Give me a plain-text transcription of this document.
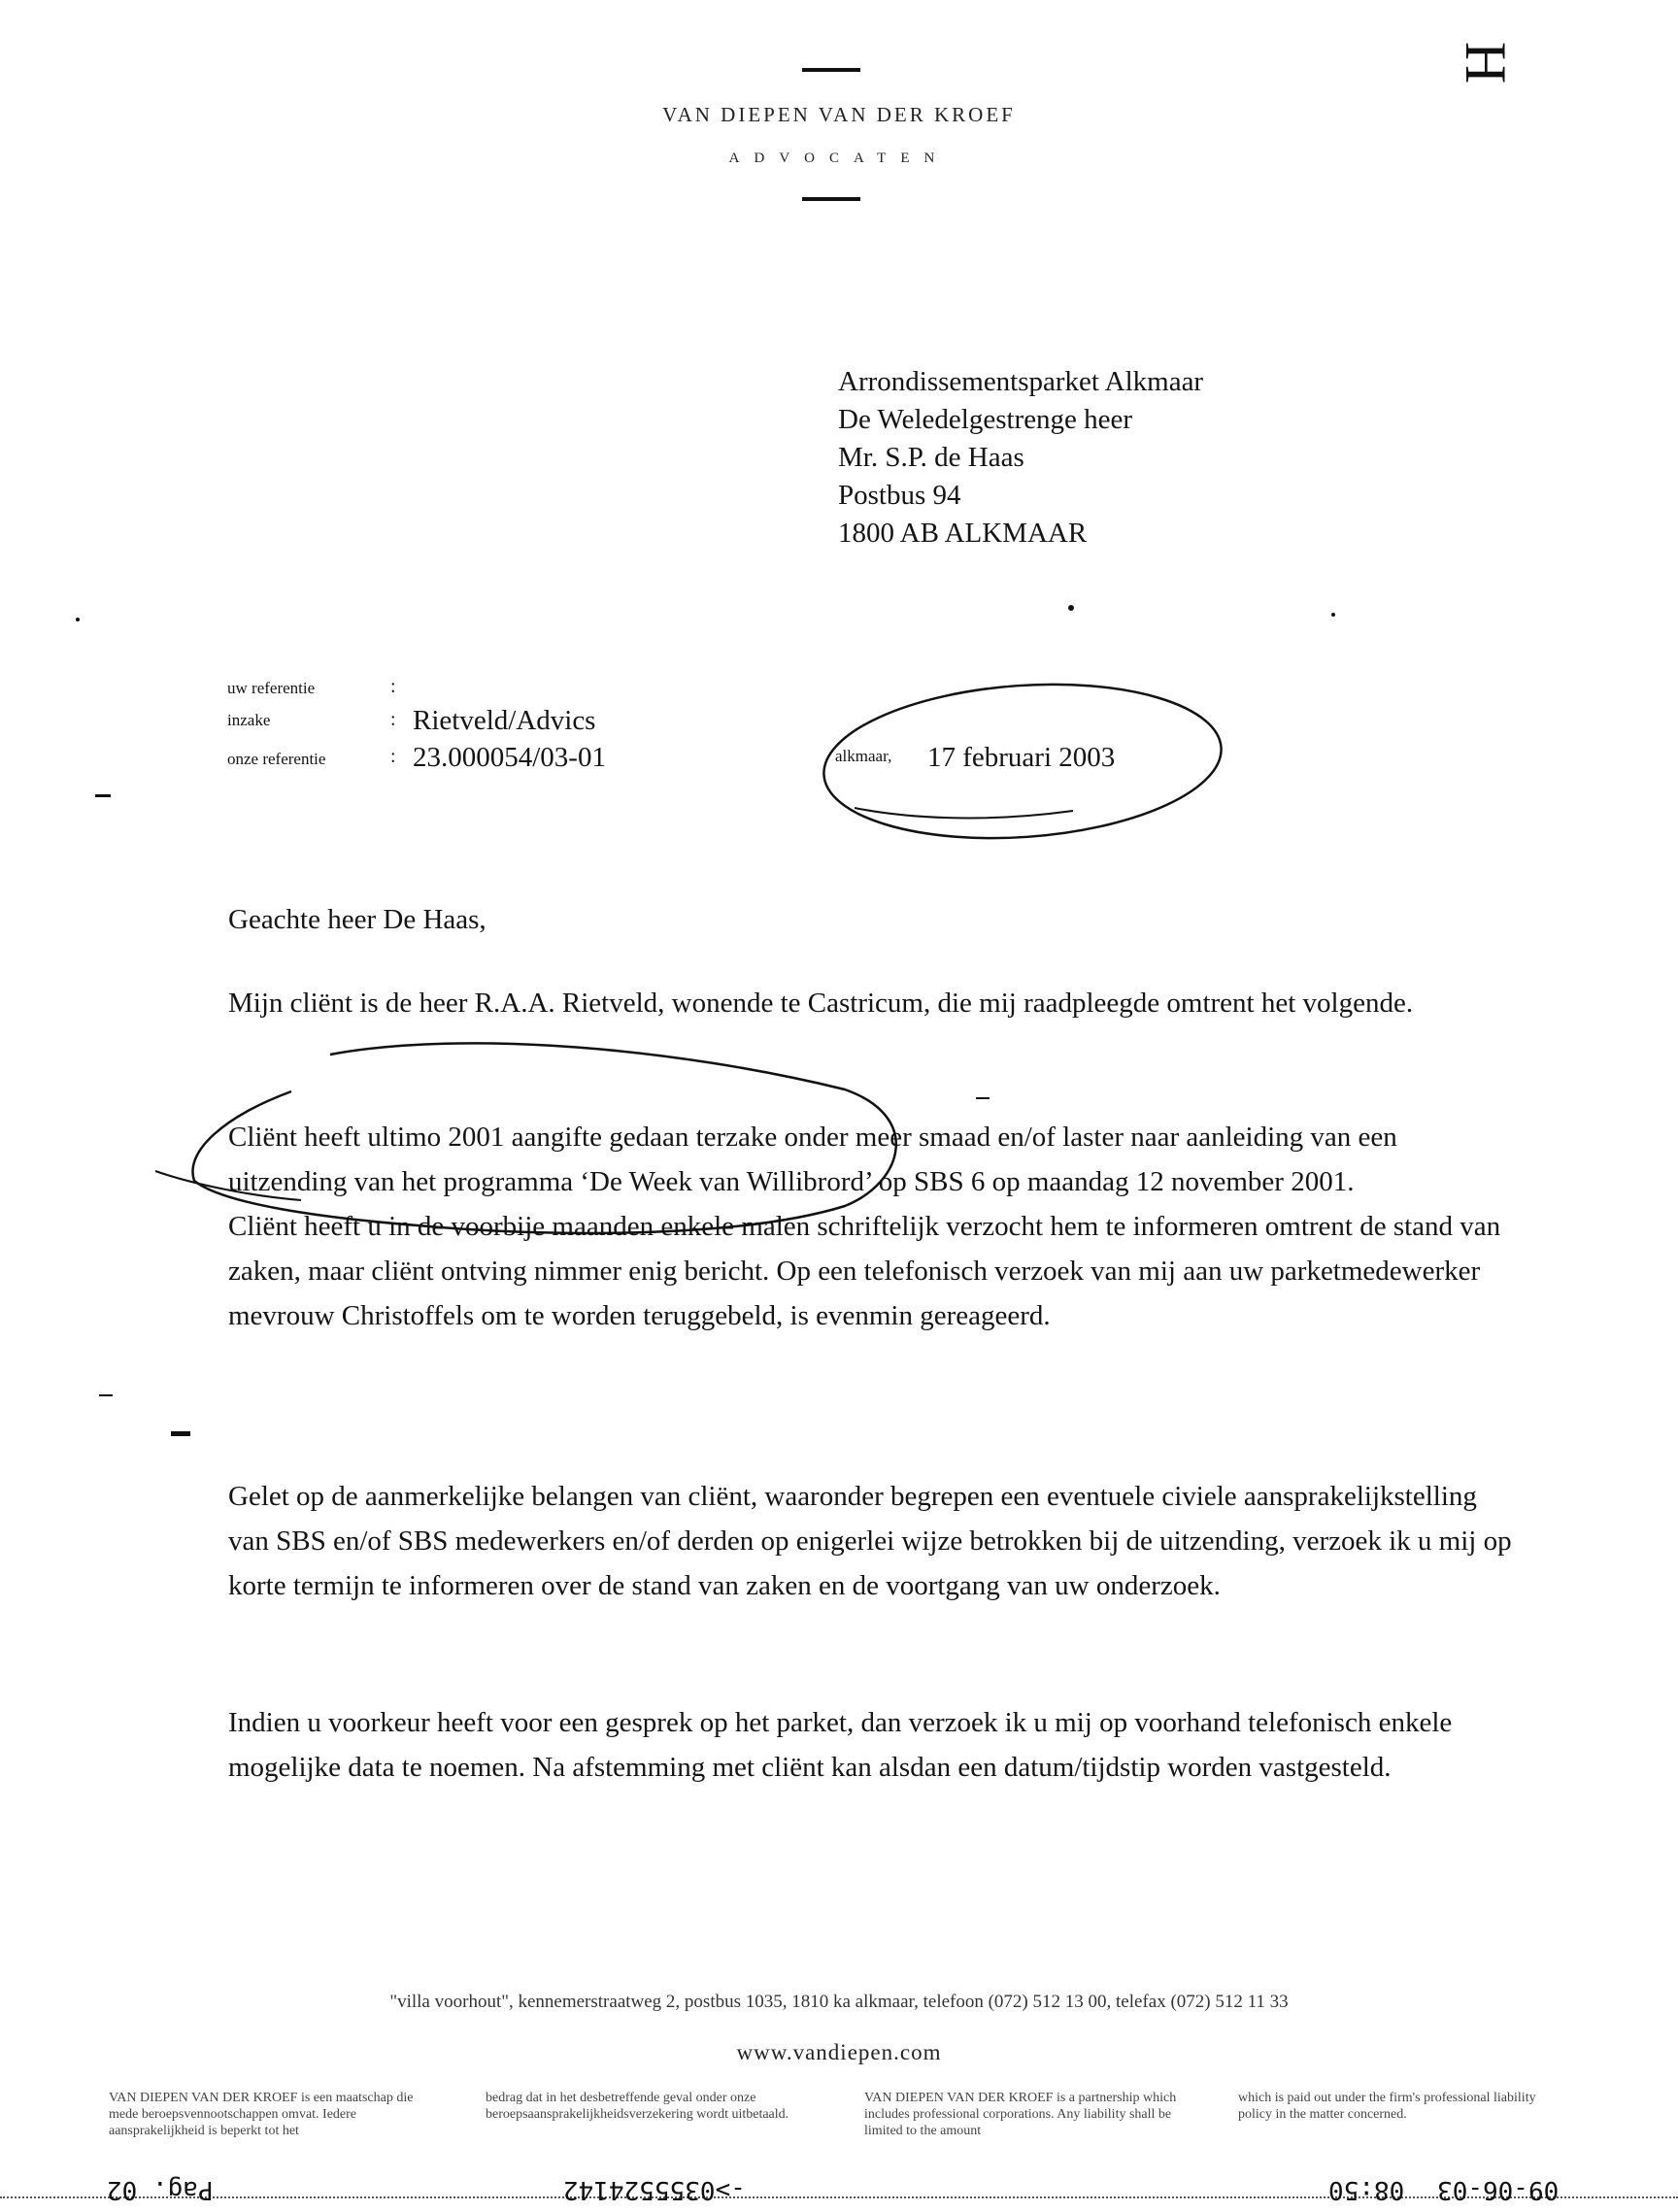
VAN DIEPEN VAN DER KROEF
ADVOCATEN
H
Arrondissementsparket Alkmaar
De Weledelgestrenge heer
Mr. S.P. de Haas
Postbus 94
1800 AB ALKMAAR
uw referentie	:
inzake	: Rietveld/Advics
onze referentie	: 23.000054/03-01	alkmaar, 17 februari 2003
Geachte heer De Haas,
Mijn cliënt is de heer R.A.A. Rietveld, wonende te Castricum, die mij raadpleegde omtrent het volgende.

Cliënt heeft ultimo 2001 aangifte gedaan terzake onder meer smaad en/of laster naar aanleiding van een uitzending van het programma ‘De Week van Willibrord’ op SBS 6 op maandag 12 november 2001.

Cliënt heeft u in de voorbije maanden enkele malen schriftelijk verzocht hem te informeren omtrent de stand van zaken, maar cliënt ontving nimmer enig bericht. Op een telefonisch verzoek van mij aan uw parketmedewerker mevrouw Christoffels om te worden teruggebeld, is evenmin gereageerd.

Gelet op de aanmerkelijke belangen van cliënt, waaronder begrepen een eventuele civiele aansprakelijkstelling van SBS en/of SBS medewerkers en/of derden op enigerlei wijze betrokken bij de uitzending, verzoek ik u mij op korte termijn te informeren over de stand van zaken en de voortgang van uw onderzoek.
Indien u voorkeur heeft voor een gesprek op het parket, dan verzoek ik u mij op voorhand telefonisch enkele mogelijke data te noemen. Na afstemming met cliënt kan alsdan een datum/tijdstip worden vastgesteld.
"villa voorhout", kennemerstraatweg 2, postbus 1035, 1810 ka alkmaar, telefoon (072) 512 13 00, telefax (072) 512 11 33
www.vandiepen.com
VAN DIEPEN VAN DER KROEF is een maatschap die mede beroepsvennootschappen omvat. Iedere aansprakelijkheid is beperkt tot het
bedrag dat in het desbetreffende geval onder onze beroepsaansprakelijkheidsverzekering wordt uitbetaald.
VAN DIEPEN VAN DER KROEF is a partnership which includes professional corporations. Any liability shall be limited to the amount
which is paid out under the firm's professional liability policy in the matter concerned.
Pag. 02	->0355524142	08:50 09-06-03
